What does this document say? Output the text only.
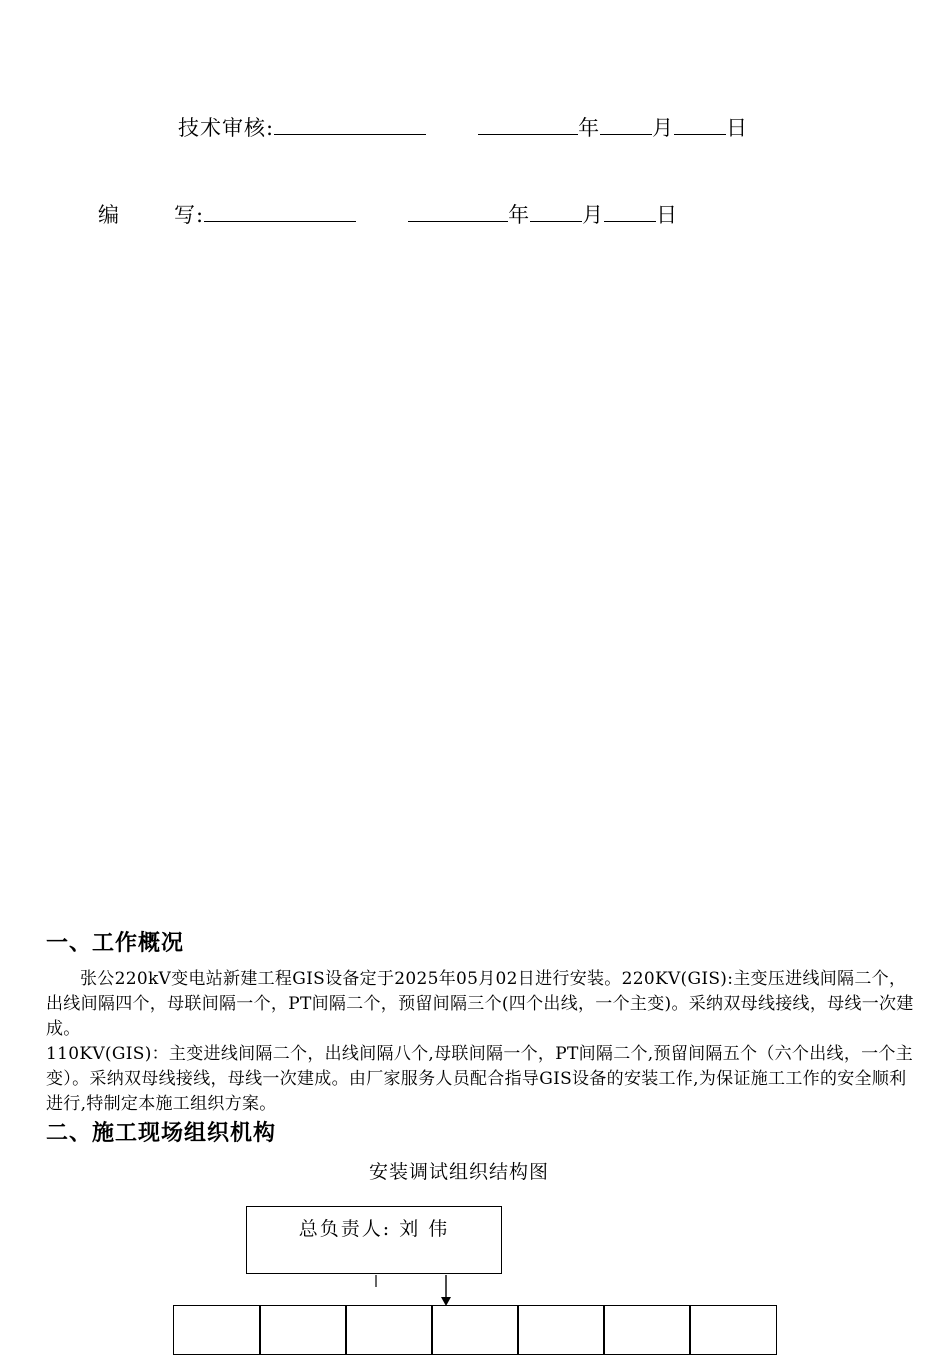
技术审核:	年 月 日
编	写:	年 月 日
一、工作概况
张公220kV变电站新建工程GIS设备定于2025年05月02日进行安装。220KV(GIS):主变压进线间隔二个，出线间隔四个，母联间隔一个，PT间隔二个，预留间隔三个(四个出线，一个主变)。采纳双母线接线，母线一次建成。
110KV(GIS)：主变进线间隔二个，出线间隔八个,母联间隔一个，PT间隔二个,预留间隔五个（六个出线，一个主变）。采纳双母线接线，母线一次建成。由厂家服务人员配合指导GIS设备的安装工作,为保证施工工作的安全顺利进行,特制定本施工组织方案。
二、施工现场组织机构
安装调试组织结构图
总负责人: 刘 伟
